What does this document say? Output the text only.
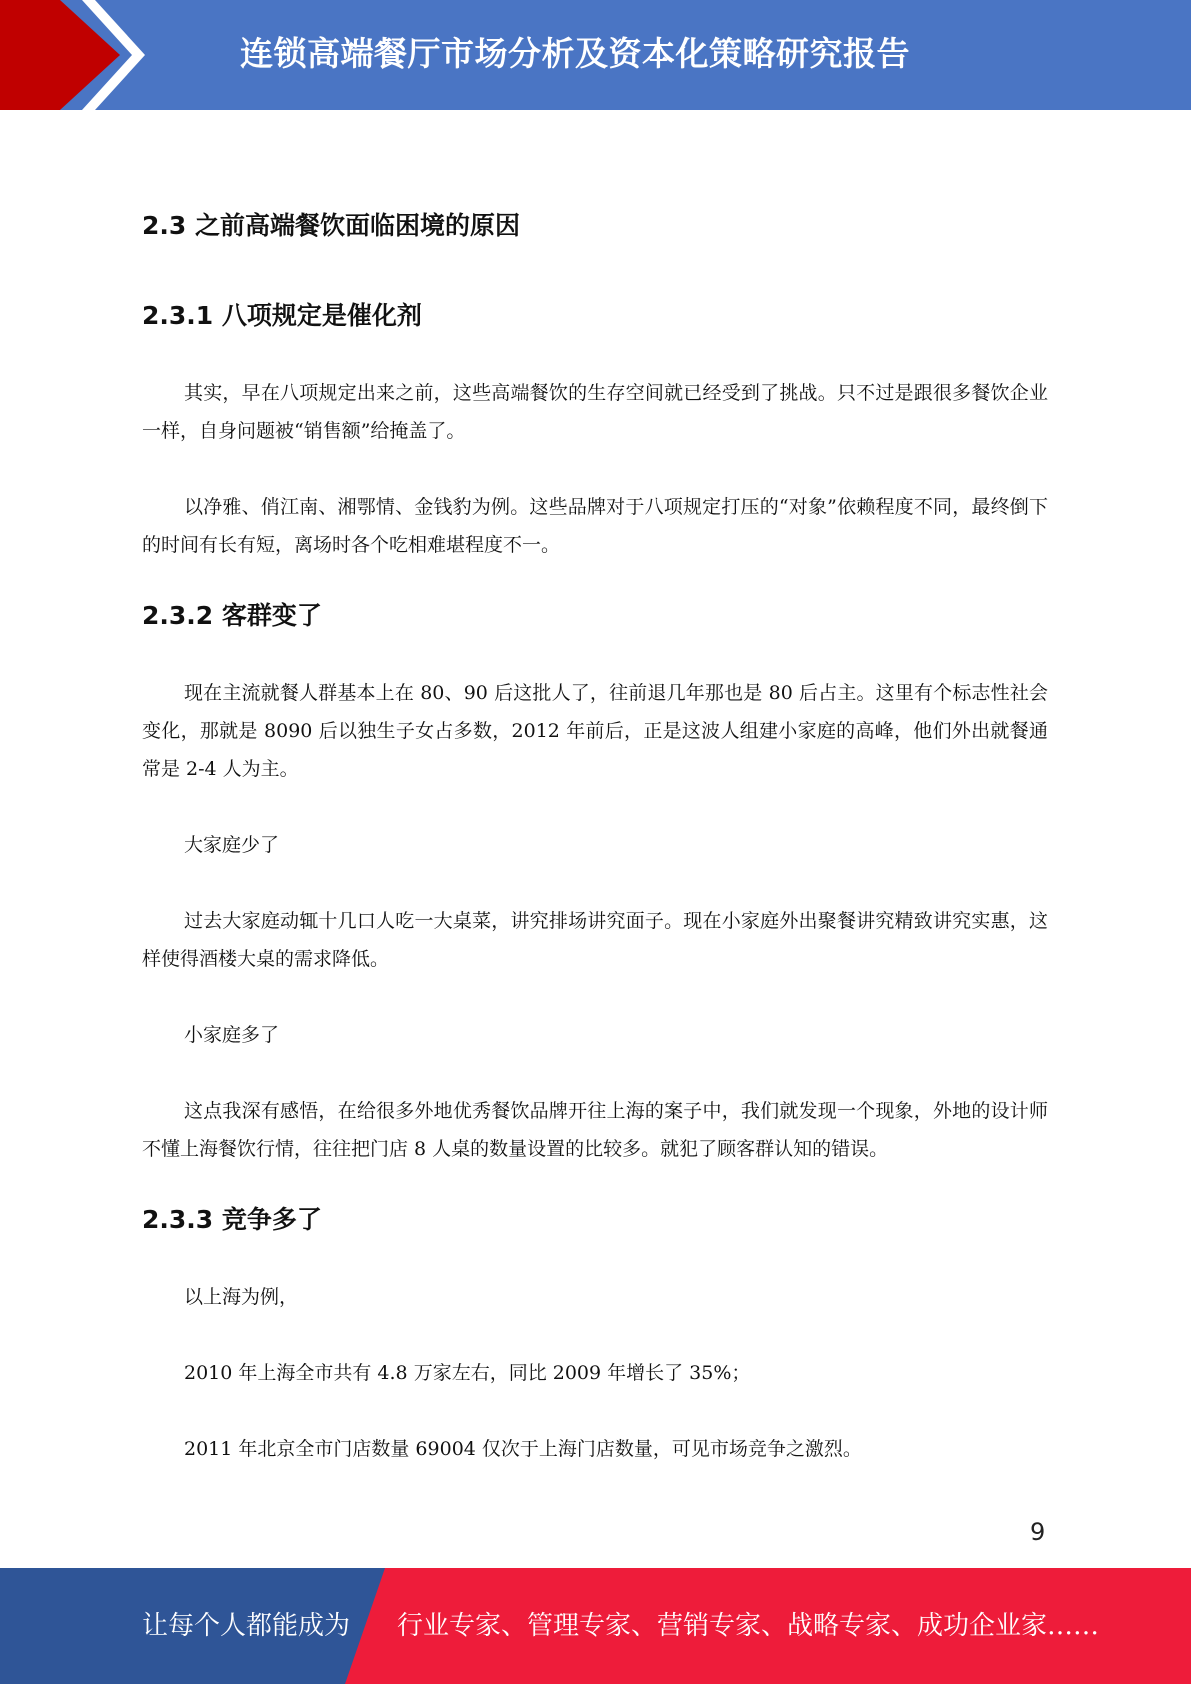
连锁高端餐厅市场分析及资本化策略研究报告
2.3 之前高端餐饮面临困境的原因
2.3.1 八项规定是催化剂

其实，早在八项规定出来之前，这些高端餐饮的生存空间就已经受到了挑战。只不过是跟很多餐饮企业一样，自身问题被“销售额”给掩盖了。

以净雅、俏江南、湘鄂情、金钱豹为例。这些品牌对于八项规定打压的“对象”依赖程度不同，最终倒下的时间有长有短，离场时各个吃相难堪程度不一。

2.3.2 客群变了

现在主流就餐人群基本上在 80、90 后这批人了，往前退几年那也是 80 后占主。这里有个标志性社会变化，那就是 8090 后以独生子女占多数，2012 年前后，正是这波人组建小家庭的高峰，他们外出就餐通常是 2-4 人为主。

大家庭少了

过去大家庭动辄十几口人吃一大桌菜，讲究排场讲究面子。现在小家庭外出聚餐讲究精致讲究实惠，这样使得酒楼大桌的需求降低。

小家庭多了

这点我深有感悟，在给很多外地优秀餐饮品牌开往上海的案子中，我们就发现一个现象，外地的设计师不懂上海餐饮行情，往往把门店 8 人桌的数量设置的比较多。就犯了顾客群认知的错误。

2.3.3 竞争多了

以上海为例，

2010 年上海全市共有 4.8 万家左右，同比 2009 年增长了 35%；

2011 年北京全市门店数量 69004 仅次于上海门店数量，可见市场竞争之激烈。

9
让每个人都能成为 行业专家、管理专家、营销专家、战略专家、成功企业家……
